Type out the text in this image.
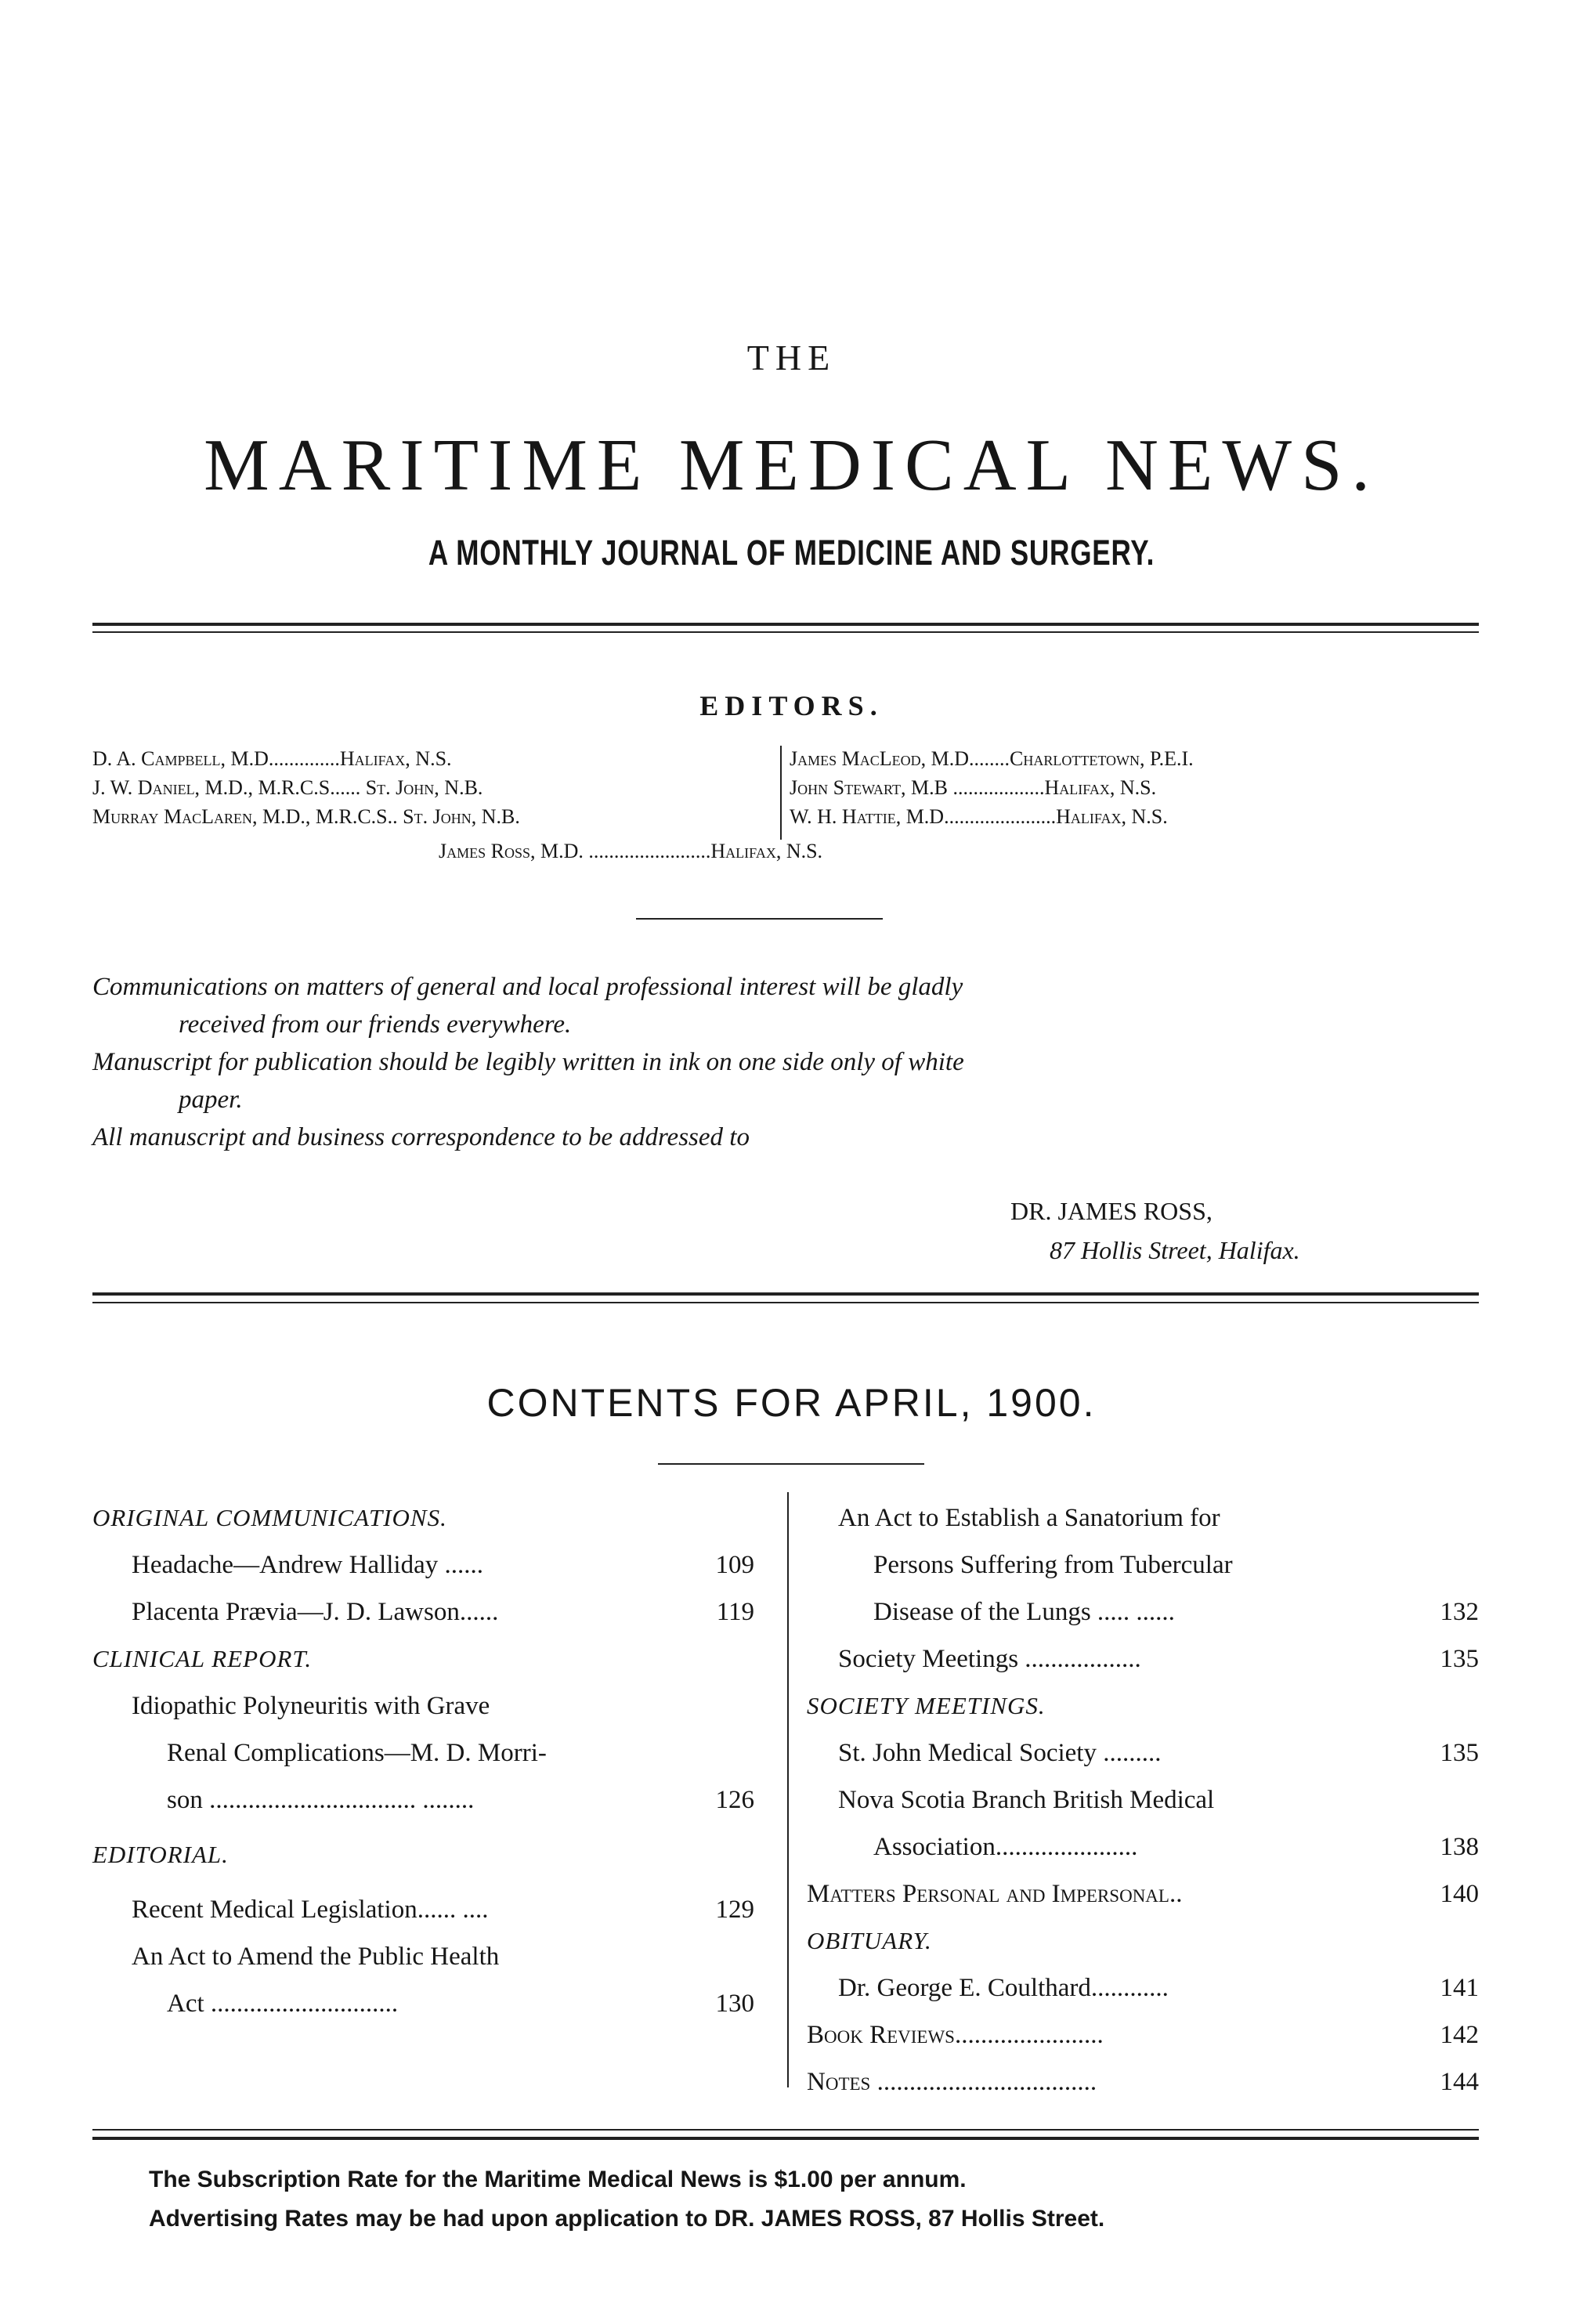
THE
MARITIME MEDICAL NEWS.
A MONTHLY JOURNAL OF MEDICINE AND SURGERY.
EDITORS.
D. A. Campbell, M.D..............Halifax, N.S.
J. W. Daniel, M.D., M.R.C.S...... St. John, N.B.
Murray MacLaren, M.D., M.R.C.S.. St. John, N.B.
James MacLeod, M.D........Charlottetown, P.E.I.
John Stewart, M.B ..................Halifax, N.S.
W. H. Hattie, M.D......................Halifax, N.S.
James Ross, M.D. ........................Halifax, N.S.
Communications on matters of general and local professional interest will be gladly
received from our friends everywhere.
Manuscript for publication should be legibly written in ink on one side only of white
paper.
All manuscript and business correspondence to be addressed to
DR. JAMES ROSS,
87 Hollis Street, Halifax.
CONTENTS FOR APRIL, 1900.
ORIGINAL COMMUNICATIONS.
Headache—Andrew Halliday ......	109
Placenta Prævia—J. D. Lawson......	119
CLINICAL REPORT.
Idiopathic Polyneuritis with Grave
Renal Complications—M. D. Morri-
son ................................ ........	126
EDITORIAL.
Recent Medical Legislation...... ....	129
An Act to Amend the Public Health
Act .............................	130
An Act to Establish a Sanatorium for
Persons Suffering from Tubercular
Disease of the Lungs ..... ......	132
Society Meetings ..................	135
SOCIETY MEETINGS.
St. John Medical Society .........	135
Nova Scotia Branch British Medical
Association......................	138
Matters Personal and Impersonal..	140
OBITUARY.
Dr. George E. Coulthard............	141
Book Reviews.......................	142
Notes ..................................	144
The Subscription Rate for the Maritime Medical News is $1.00 per annum.
Advertising Rates may be had upon application to DR. JAMES ROSS, 87 Hollis Street.
